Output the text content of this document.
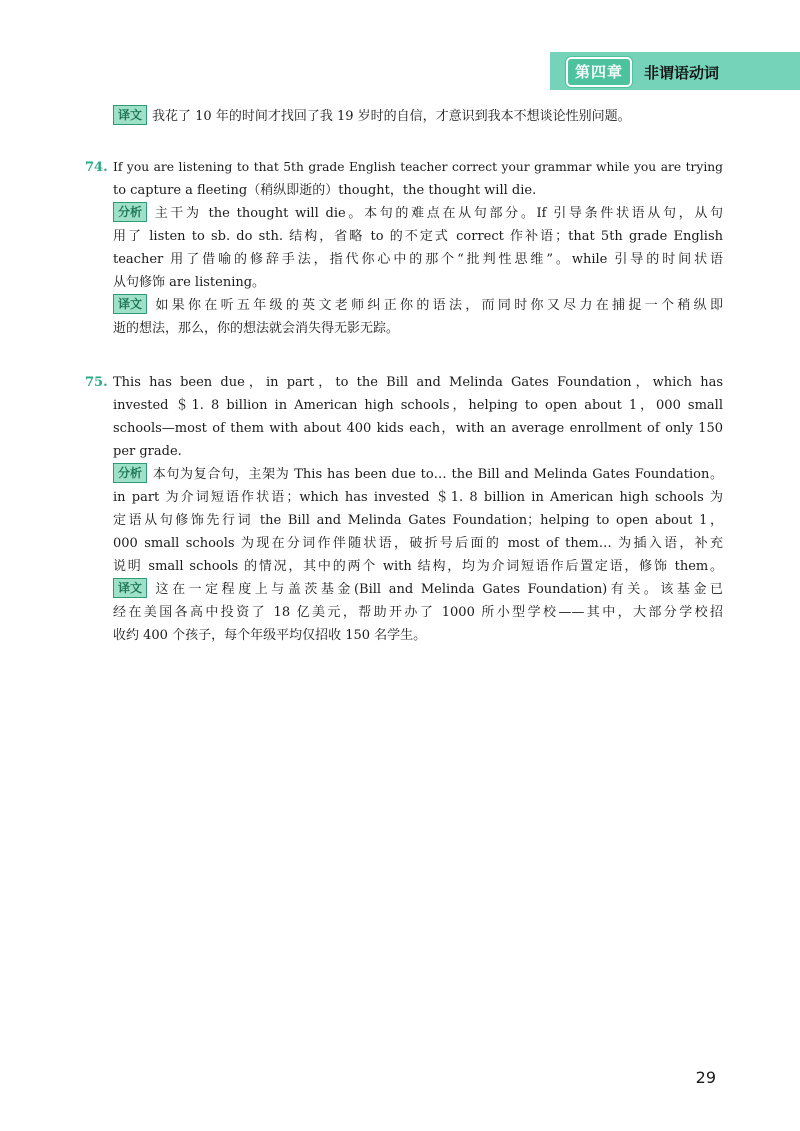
第四章	非谓语动词
译文 我花了 10 年的时间才找回了我 19 岁时的自信，才意识到我本不想谈论性别问题。
74. If you are listening to that 5th grade English teacher correct your grammar while you are trying
to capture a fleeting（稍纵即逝的）thought，the thought will die.
分析 主干为 the thought will die。本句的难点在从句部分。If 引导条件状语从句，从句
用了 listen to sb. do sth. 结构，省略 to 的不定式 correct 作补语；that 5th grade English
teacher 用了借喻的修辞手法，指代你心中的那个“批判性思维”。while 引导的时间状语
从句修饰 are listening。
译文 如果你在听五年级的英文老师纠正你的语法，而同时你又尽力在捕捉一个稍纵即
逝的想法，那么，你的想法就会消失得无影无踪。
75. This has been due，in part，to the Bill and Melinda Gates Foundation，which has
invested ＄1. 8 billion in American high schools，helping to open about 1，000 small
schools—most of them with about 400 kids each，with an average enrollment of only 150
per grade.
分析 本句为复合句，主架为 This has been due to… the Bill and Melinda Gates Foundation。
in part 为介词短语作状语；which has invested ＄1. 8 billion in American high schools 为
定语从句修饰先行词 the Bill and Melinda Gates Foundation；helping to open about 1，
000 small schools 为现在分词作伴随状语，破折号后面的 most of them… 为插入语，补充
说明 small schools 的情况，其中的两个 with 结构，均为介词短语作后置定语，修饰 them。
译文 这在一定程度上与盖茨基金(Bill and Melinda Gates Foundation)有关。该基金已
经在美国各高中投资了 18 亿美元，帮助开办了 1000 所小型学校——其中，大部分学校招
收约 400 个孩子，每个年级平均仅招收 150 名学生。
29
